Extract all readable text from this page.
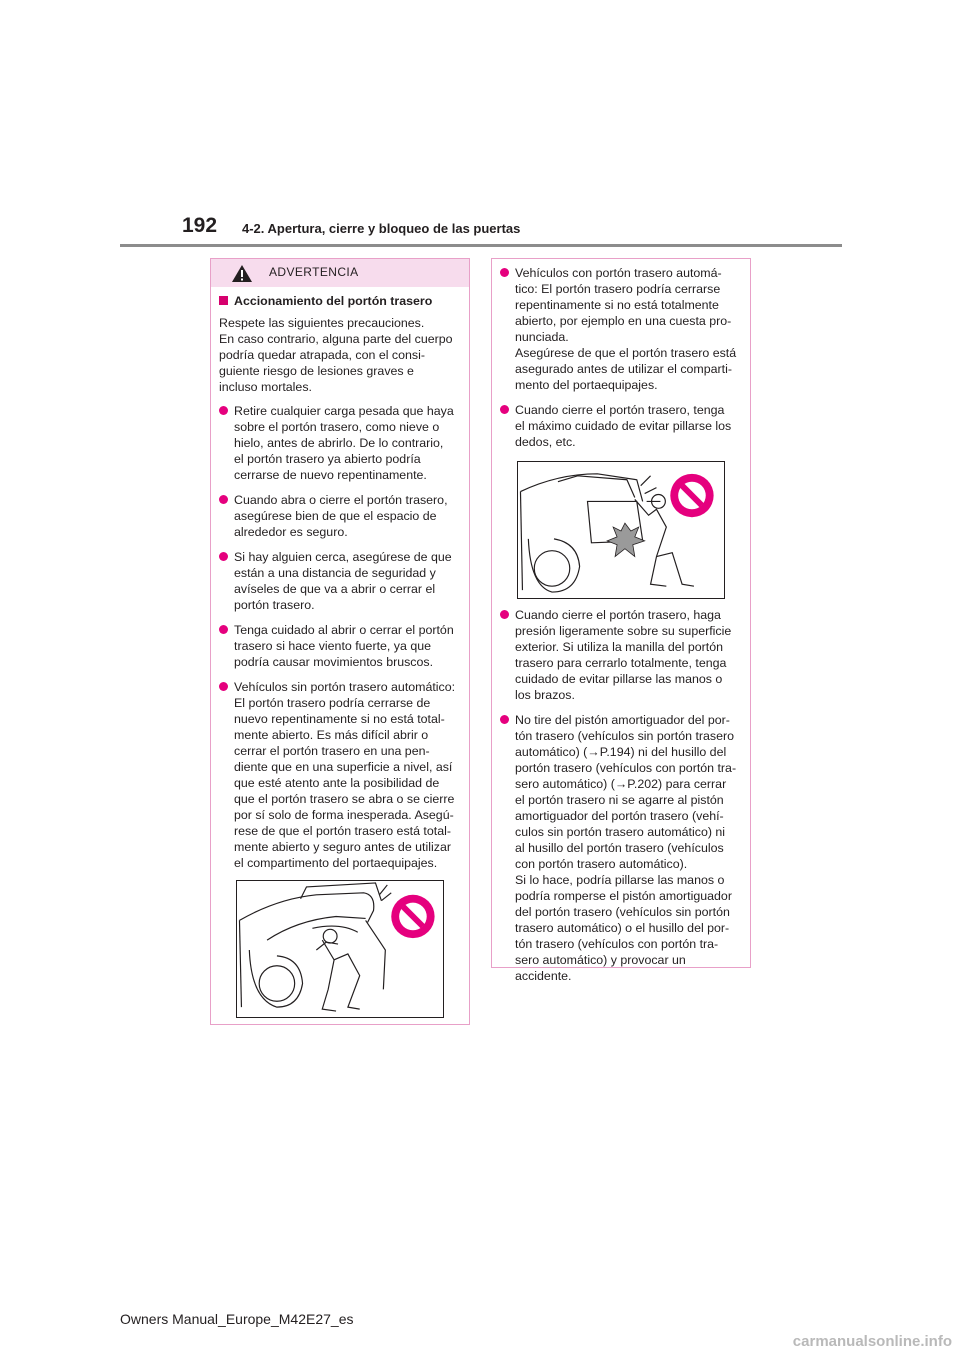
192 4-2. Apertura, cierre y bloqueo de las puertas
ADVERTENCIA
Accionamiento del portón trasero
Respete las siguientes precauciones.
En caso contrario, alguna parte del cuerpo
podría quedar atrapada, con el consi-
guiente riesgo de lesiones graves e
incluso mortales.
Retire cualquier carga pesada que haya
sobre el portón trasero, como nieve o
hielo, antes de abrirlo. De lo contrario,
el portón trasero ya abierto podría
cerrarse de nuevo repentinamente.
Cuando abra o cierre el portón trasero,
asegúrese bien de que el espacio de
alrededor es seguro.
Si hay alguien cerca, asegúrese de que
están a una distancia de seguridad y
avíseles de que va a abrir o cerrar el
portón trasero.
Tenga cuidado al abrir o cerrar el portón
trasero si hace viento fuerte, ya que
podría causar movimientos bruscos.
Vehículos sin portón trasero automático:
El portón trasero podría cerrarse de
nuevo repentinamente si no está total-
mente abierto. Es más difícil abrir o
cerrar el portón trasero en una pen-
diente que en una superficie a nivel, así
que esté atento ante la posibilidad de
que el portón trasero se abra o se cierre
por sí solo de forma inesperada. Asegú-
rese de que el portón trasero está total-
mente abierto y seguro antes de utilizar
el compartimento del portaequipajes.
Vehículos con portón trasero automá-
tico: El portón trasero podría cerrarse
repentinamente si no está totalmente
abierto, por ejemplo en una cuesta pro-
nunciada.
Asegúrese de que el portón trasero está
asegurado antes de utilizar el comparti-
mento del portaequipajes.
Cuando cierre el portón trasero, tenga
el máximo cuidado de evitar pillarse los
dedos, etc.
Cuando cierre el portón trasero, haga
presión ligeramente sobre su superficie
exterior. Si utiliza la manilla del portón
trasero para cerrarlo totalmente, tenga
cuidado de evitar pillarse las manos o
los brazos.
No tire del pistón amortiguador del por-
tón trasero (vehículos sin portón trasero
automático) (→P.194) ni del husillo del
portón trasero (vehículos con portón tra-
sero automático) (→P.202) para cerrar
el portón trasero ni se agarre al pistón
amortiguador del portón trasero (vehí-
culos sin portón trasero automático) ni
al husillo del portón trasero (vehículos
con portón trasero automático).
Si lo hace, podría pillarse las manos o
podría romperse el pistón amortiguador
del portón trasero (vehículos sin portón
trasero automático) o el husillo del por-
tón trasero (vehículos con portón tra-
sero automático) y provocar un
accidente.
Owners Manual_Europe_M42E27_es
carmanualsonline.info
